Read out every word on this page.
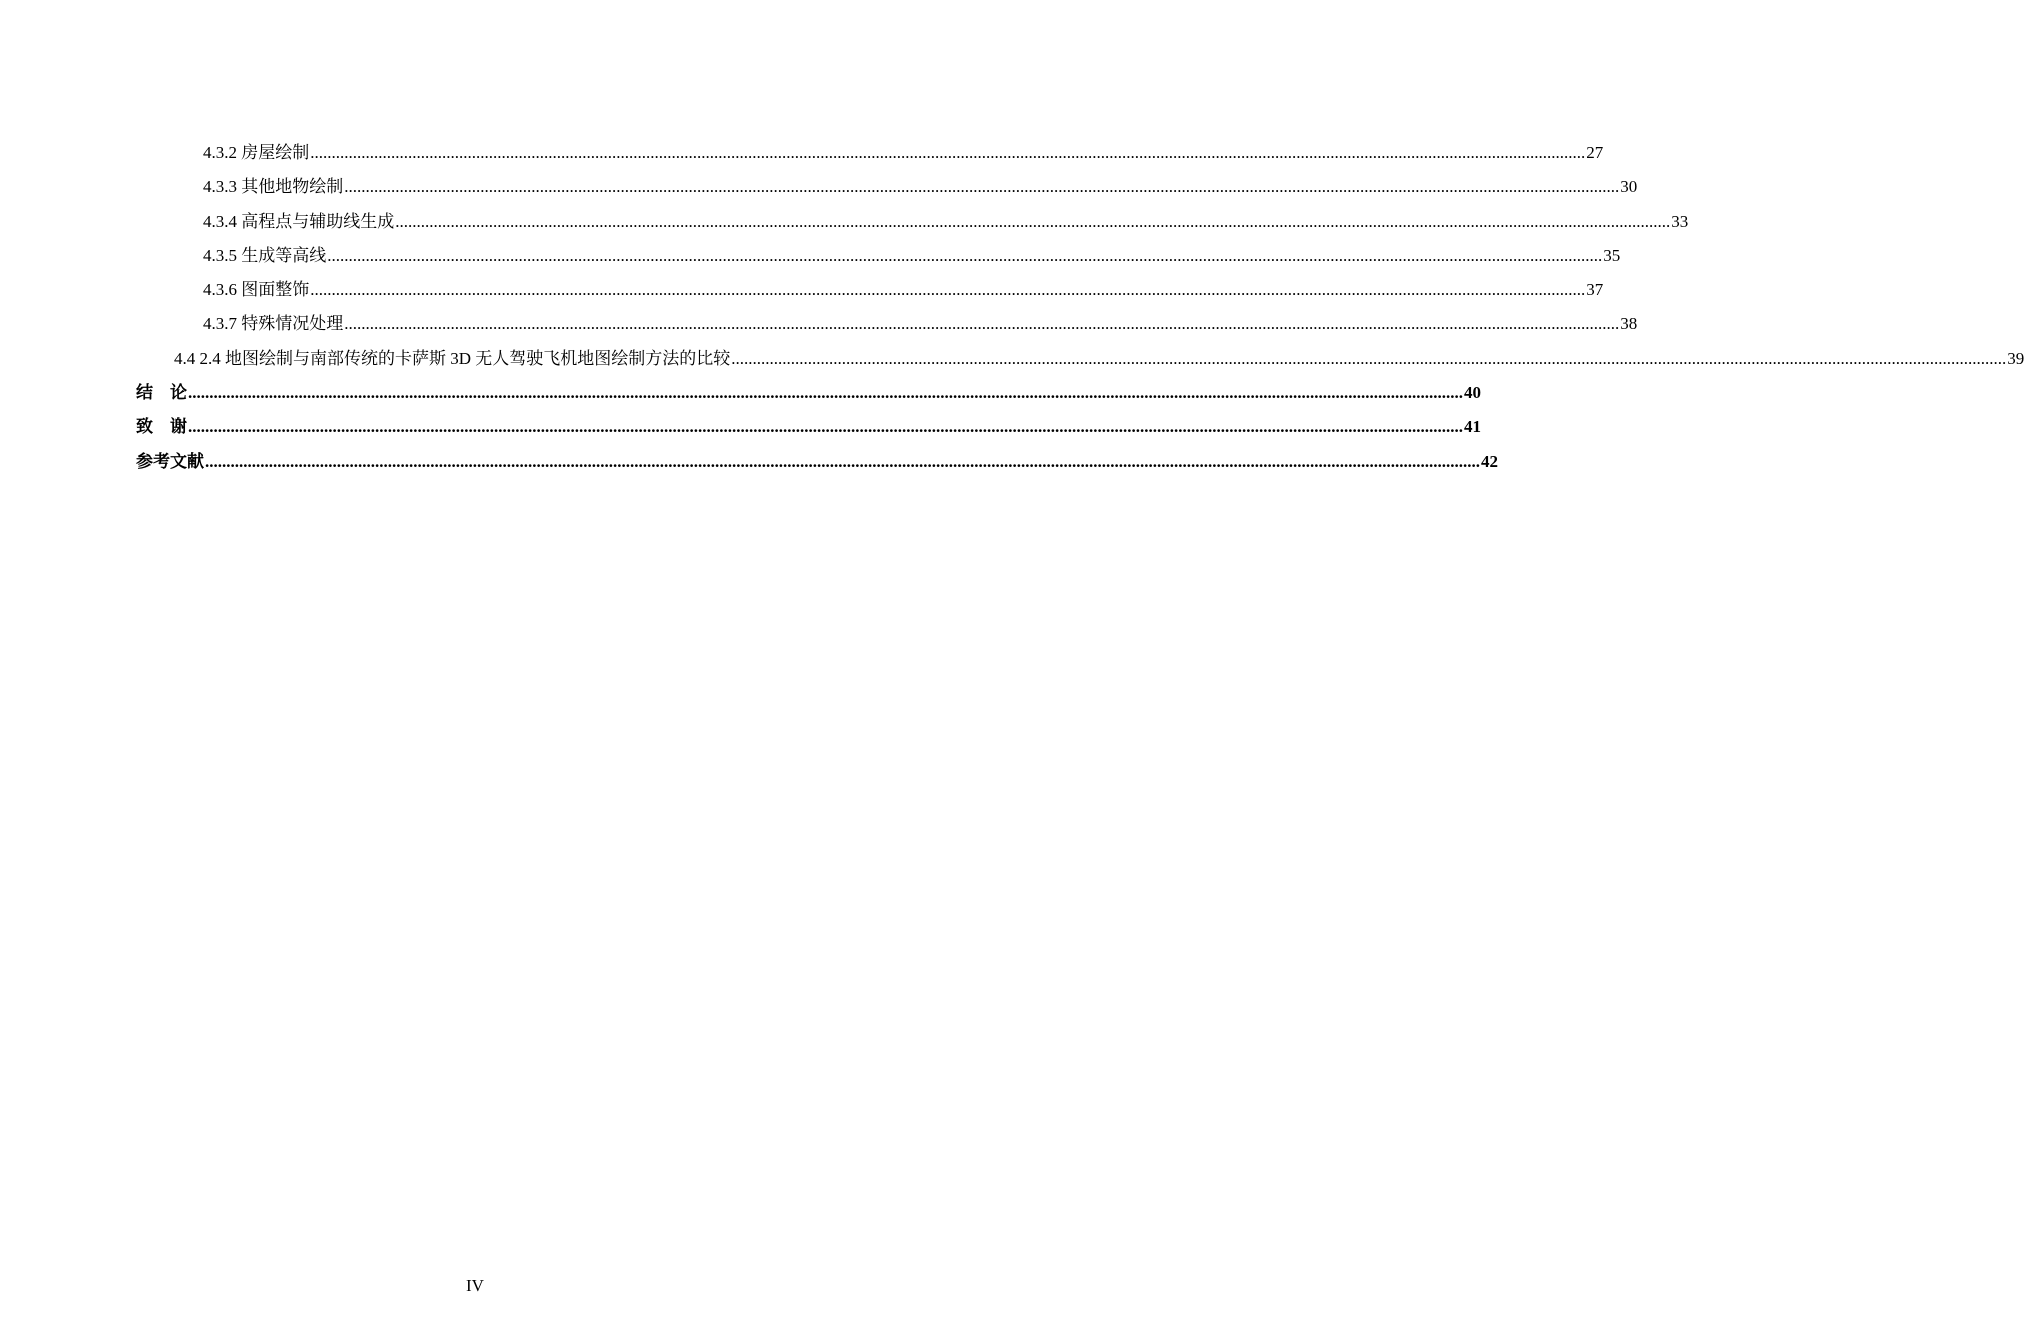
4.3.2 房屋绘制 ............................................................................................................................................................................................................................................................................................................ 27
4.3.3 其他地物绘制 ............................................................................................................................................................................................................................................................................................................ 30
4.3.4 高程点与辅助线生成 ............................................................................................................................................................................................................................................................................................................ 33
4.3.5 生成等高线 ............................................................................................................................................................................................................................................................................................................ 35
4.3.6 图面整饰 ............................................................................................................................................................................................................................................................................................................ 37
4.3.7 特殊情况处理 ............................................................................................................................................................................................................................................................................................................ 38
4.4 2.4 地图绘制与南部传统的卡萨斯 3D 无人驾驶飞机地图绘制方法的比较 ............................................................................................................................................................................................................................................................................................................ 39
结　论 ............................................................................................................................................................................................................................................................................................................ 40
致　谢 ............................................................................................................................................................................................................................................................................................................ 41
参考文献 ............................................................................................................................................................................................................................................................................................................ 42
IV
